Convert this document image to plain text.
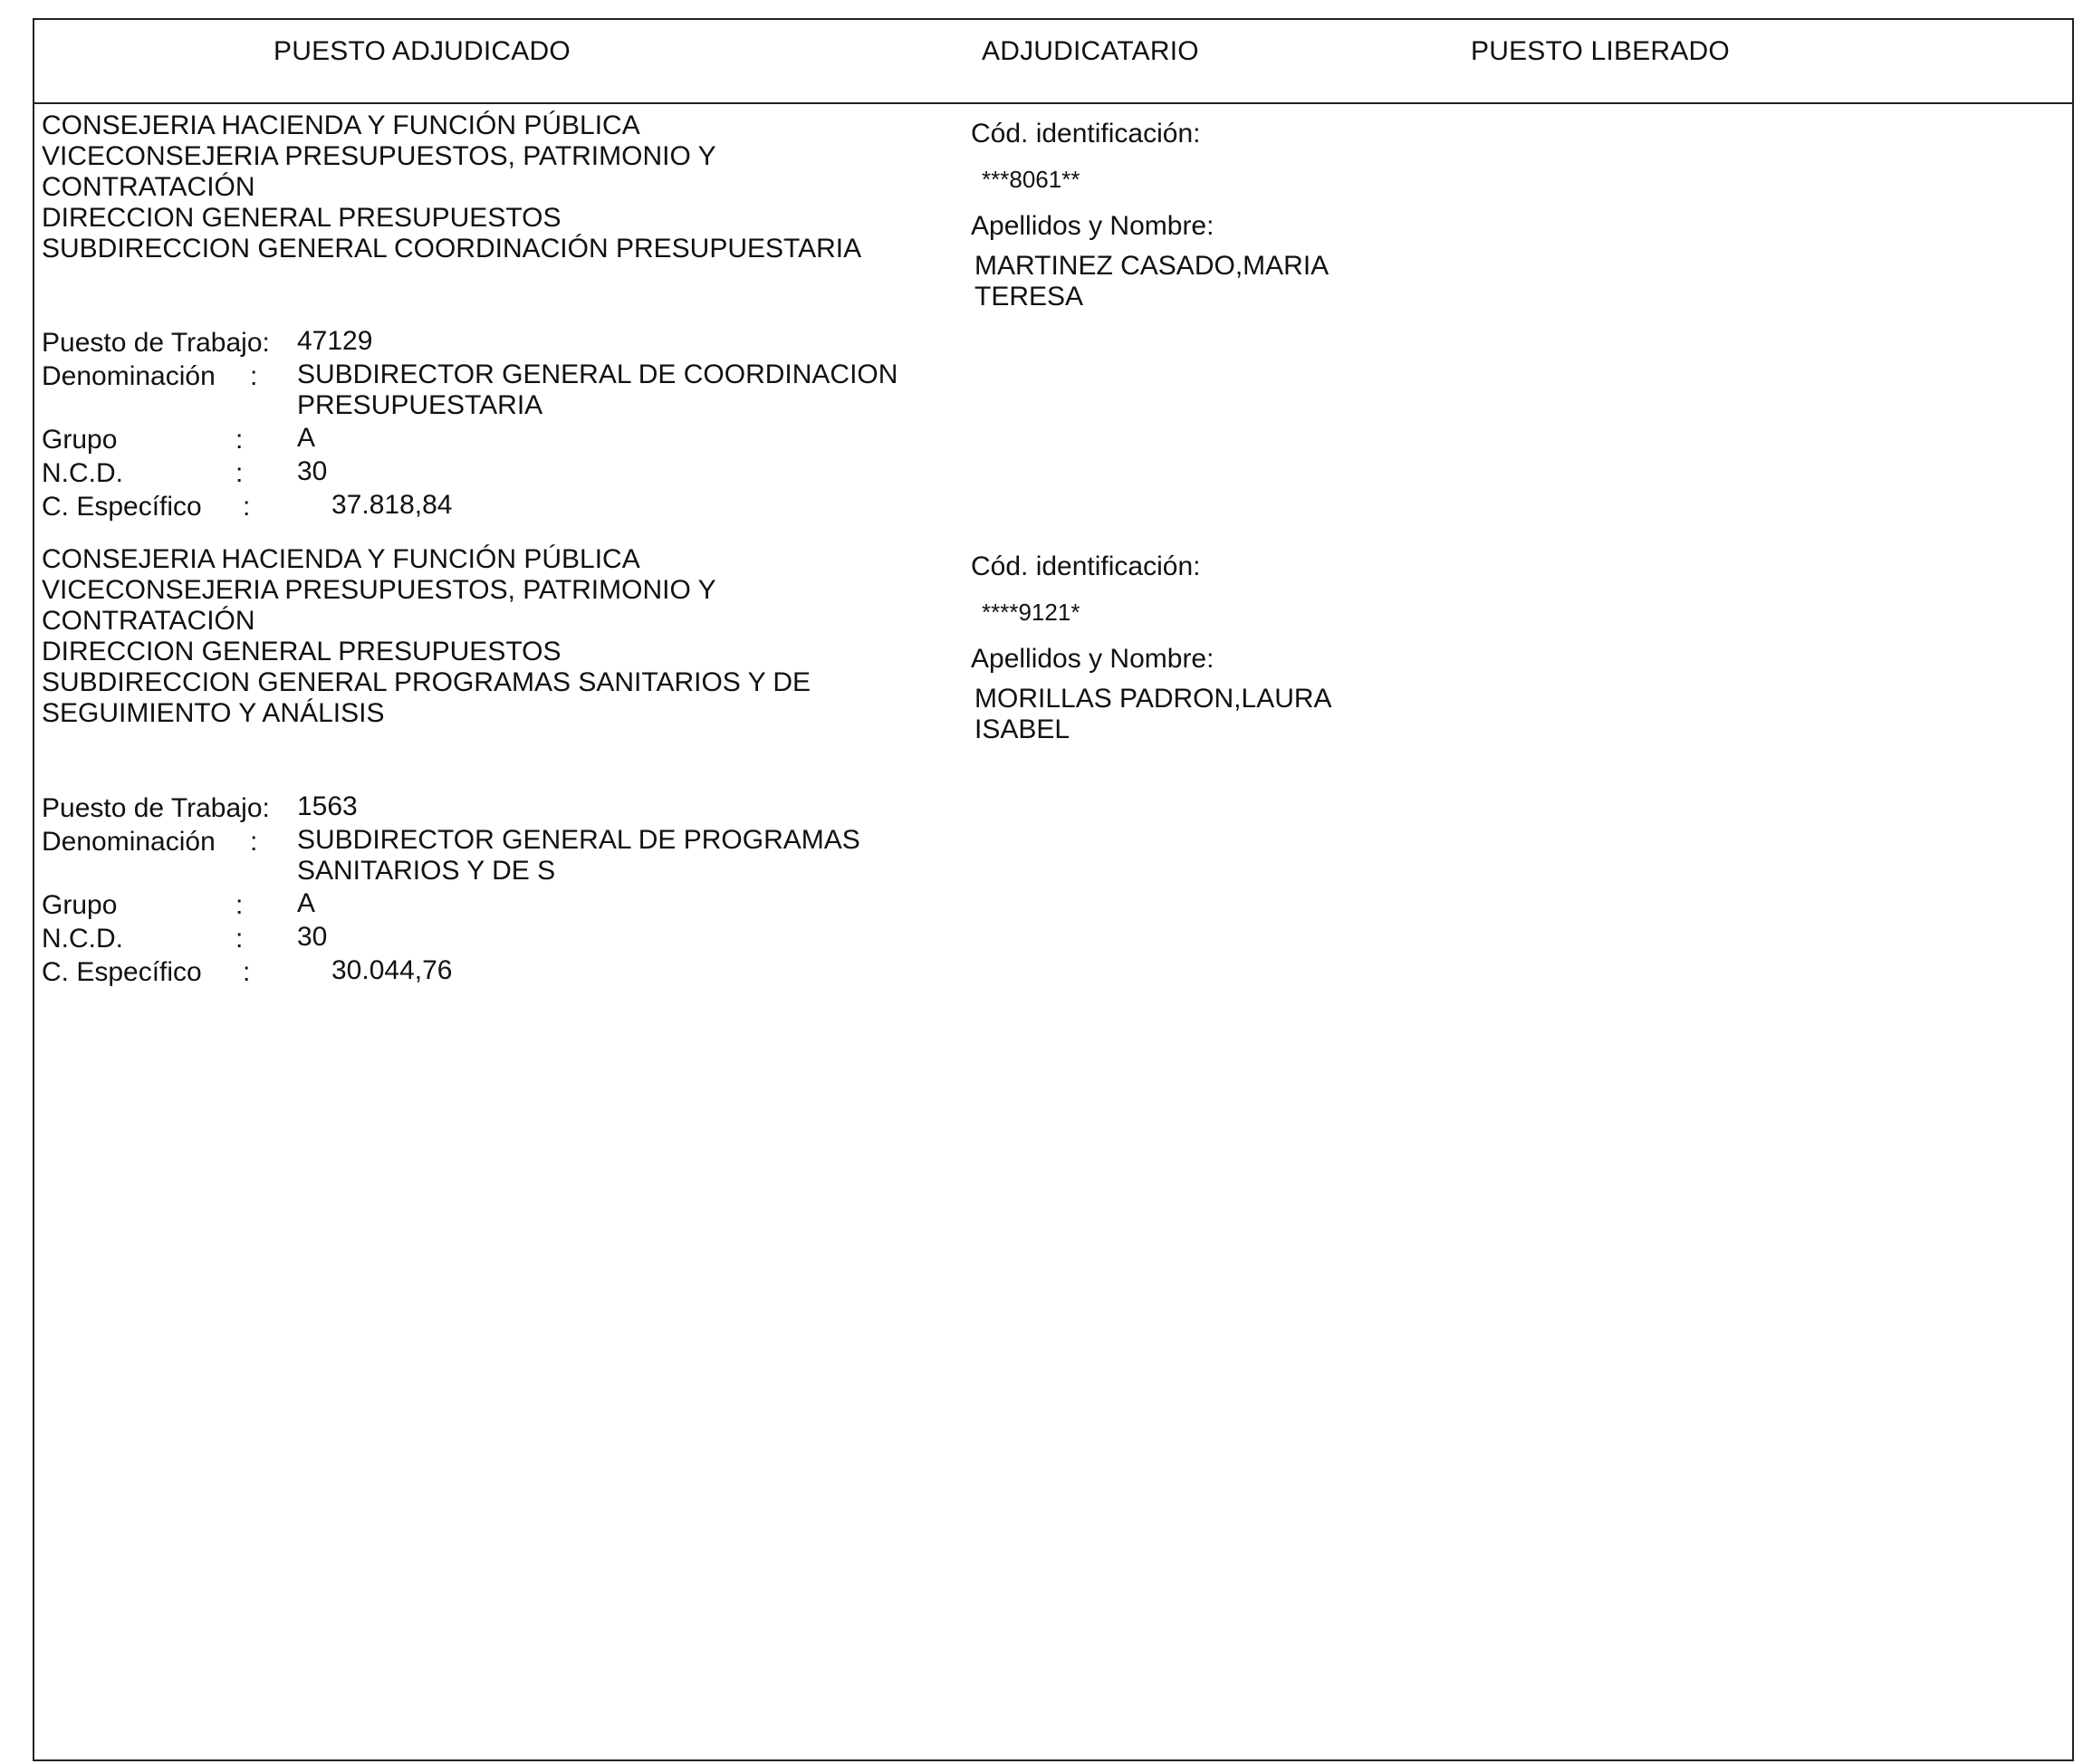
PUESTO ADJUDICADO	ADJUDICATARIO	PUESTO LIBERADO
CONSEJERIA HACIENDA Y FUNCIÓN PÚBLICA
VICECONSEJERIA PRESUPUESTOS, PATRIMONIO Y
CONTRATACIÓN
DIRECCION GENERAL PRESUPUESTOS
SUBDIRECCION GENERAL COORDINACIÓN PRESUPUESTARIA
Puesto de Trabajo: 47129
Denominación : SUBDIRECTOR GENERAL DE COORDINACION PRESUPUESTARIA
Grupo	: A
N.C.D.	: 30
C. Específico :	37.818,84
Cód. identificación:
***8061**
Apellidos y Nombre:
MARTINEZ CASADO,MARIA TERESA
CONSEJERIA HACIENDA Y FUNCIÓN PÚBLICA
VICECONSEJERIA PRESUPUESTOS, PATRIMONIO Y
CONTRATACIÓN
DIRECCION GENERAL PRESUPUESTOS
SUBDIRECCION GENERAL PROGRAMAS SANITARIOS Y DE
SEGUIMIENTO Y ANÁLISIS
Puesto de Trabajo: 1563
Denominación : SUBDIRECTOR GENERAL DE PROGRAMAS SANITARIOS Y DE S
Grupo	: A
N.C.D.	: 30
C. Específico :	30.044,76
Cód. identificación:
****9121*
Apellidos y Nombre:
MORILLAS PADRON,LAURA ISABEL
